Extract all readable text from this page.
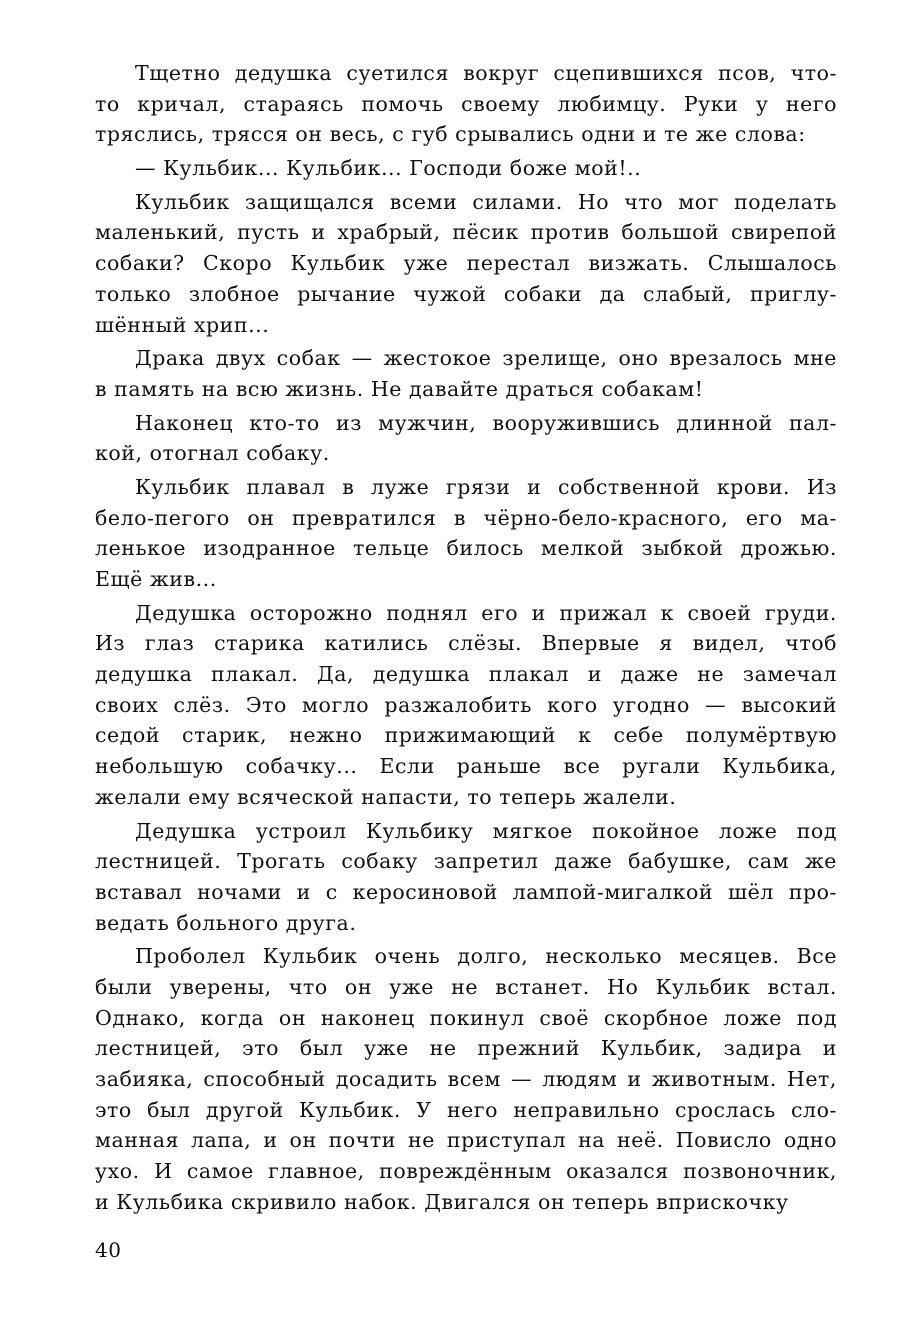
Тщетно дедушка суетился вокруг сцепившихся псов, что-
то кричал, стараясь помочь своему любимцу. Руки у него
тряслись, трясся он весь, с губ срывались одни и те же слова:
— Кульбик... Кульбик... Господи боже мой!..
Кульбик защищался всеми силами. Но что мог поделать
маленький, пусть и храбрый, пёсик против большой свирепой
собаки? Скоро Кульбик уже перестал визжать. Слышалось
только злобное рычание чужой собаки да слабый, приглу-
шённый хрип...
Драка двух собак — жестокое зрелище, оно врезалось мне
в память на всю жизнь. Не давайте драться собакам!
Наконец кто-то из мужчин, вооружившись длинной пал-
кой, отогнал собаку.
Кульбик плавал в луже грязи и собственной крови. Из
бело-пегого он превратился в чёрно-бело-красного, его ма-
ленькое изодранное тельце билось мелкой зыбкой дрожью.
Ещё жив...
Дедушка осторожно поднял его и прижал к своей груди.
Из глаз старика катились слёзы. Впервые я видел, чтоб
дедушка плакал. Да, дедушка плакал и даже не замечал
своих слёз. Это могло разжалобить кого угодно — высокий
седой старик, нежно прижимающий к себе полумёртвую
небольшую собачку... Если раньше все ругали Кульбика,
желали ему всяческой напасти, то теперь жалели.
Дедушка устроил Кульбику мягкое покойное ложе под
лестницей. Трогать собаку запретил даже бабушке, сам же
вставал ночами и с керосиновой лампой-мигалкой шёл про-
ведать больного друга.
Проболел Кульбик очень долго, несколько месяцев. Все
были уверены, что он уже не встанет. Но Кульбик встал.
Однако, когда он наконец покинул своё скорбное ложе под
лестницей, это был уже не прежний Кульбик, задира и
забияка, способный досадить всем — людям и животным. Нет,
это был другой Кульбик. У него неправильно срослась сло-
манная лапа, и он почти не приступал на неё. Повисло одно
ухо. И самое главное, повреждённым оказался позвоночник,
и Кульбика скривило набок. Двигался он теперь вприскочку
40
